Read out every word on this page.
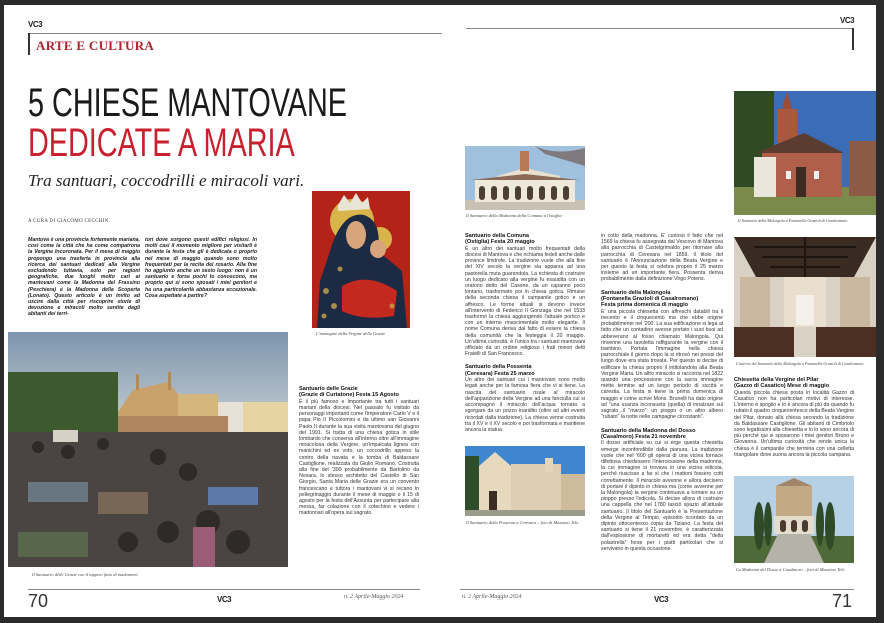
VC3
ARTE E CULTURA
5 CHIESE MANTOVANE
DEDICATE A MARIA
Tra santuari, coccodrilli e miracoli vari.
A CURA DI GIACOMO CECCHIN
Mantova è una provincia fortemente mariana, così come la città che ha come compatrona la Vergine Incoronata. Per il mese di maggio propongo una trasferta in provincia alla ricerca dei santuari dedicati alla Vergine escludendo tuttavia, solo per ragioni geografiche, due luoghi molto cari ai mantovani come la Madonna del Frassino (Peschiera) e la Madonna della Scoperta (Lonato). Questo articolo è un invito ad uscire dalla città per riscoprire storie di devozione e miracoli molto sentite dagli abitanti dei terri-
tori dove sorgono questi edifici religiosi. In molti casi il momento migliore per visitarli è durante la festa che gli è dedicata o proprio nel mese di maggio quando sono molto frequentati per la recita del rosario. Alla fine ho aggiunto anche un sesto luogo: non è un santuario e forse pochi lo conoscono, ma proprio qui si sono sposati i miei genitori e ha una particolarità abbastanza eccezionale. Cosa aspettate a partire?
L'immagine della Vergine delle Grazie
Il Santuario delle Grazie con il tappeto fatto di madonnari
Santuario delle Grazie
(Grazie di Curtatone) Festa 15 Agosto

È il più famoso e importante tra tutti i santuari mariani della diocesi. Nel passato fu visitato da personaggi importanti come l'imperatore Carlo V e il papa Pio II Piccolomini e da ultimo san Giovanni Paolo II durante la sua visita mantovana del giugno del 1991. Si tratta di una chiesa gotica in stile lombardo che conserva all'interno oltre all'immagine miracolosa della Vergine, un'impalcata lignea con manichini ed ex voto, un coccodrillo appeso la centro della navata e la tomba di Baldassare Castiglione, realizzata da Giulio Romano. Costruita alla fine del '300 probabilmente da Bartolino da Novara, lo stesso architetto del Castello di San Giorgio, Santa Maria delle Grazie era un convento francescano e tuttora i mantovani vi si recano in pellegrinaggio durante il mese di maggio o il 15 di agosto per la festa dell'Assunta per partecipare alla messa, far colazione con il cotechino e vedere i madonnari all'opera sul sagrato.

70	VC3	n. 2 Aprile-Maggio 2024
VC3
Il Santuario della Madonna della Comuna a Ostiglia
Santuario della Comuna
(Ostiglia) Festa 20 maggio

È un altro dei santuari molto frequentati della diocesi di Mantova e che richiama fedeli anche dalle province limitrofe. La tradizione vuole che alla fine del XIV secolo la vergine sia apparsa ad una pastorella muta guarendola. La richiesta di costruire un luogo dedicato alla vergine fu esaudita con un oratorio detto del Casone, da un capanno poco lontano, trasformato poi in chiesa gotica. Rimane della seconda chiesa il campanile gotico e un affresco. Le forme attuali si devono invece all'intervento di Federico II Gonzaga che nel 1533 trasformò la chiesa aggiungendo l'attuale portico e con un interno rinascimentale molto elegante. Il nome Comuna deriva dal fatto di essere la chiesa della comunità che la festeggia il 20 maggio. Un'ultima curiosità: è l'unico tra i santuari mantovani officiato da un ordine religioso i frati minori detti Fratelli di San Francesco.

Santuario della Possenta
(Ceresara) Festa 25 marzo

Un altro dei santuari cui i mantovani sono molto legati anche per la famosa fiera che vi si tiene. La nascita del santuario risale al miracolo dell'apparizione della Vergine ad una fanciulla cui si accompagnò il miracolo dell'acqua tornata a sgorgare da un pozzo inaridito (oltre ad altri eventi ricordati dalla tradizione). La chiesa venne costruita tra il XV e il XV secolo e poi trasformata e mantiene ancora la statua

Il Santuario della Possenta a Ceresara – foto di Massimo Telò

in cotto della madonna. E' curioso il fatto che nel 1569 la chiesa fu assegnata dal Vescovo di Mantova alla parrocchia di Castelgrimaldo per ritornare alla parrocchia di Ceresara nel 1859. Il titolo del santuario è l'Annunciazione della Beata Vergine e per questo la festa si celebra proprio il 25 marzo insieme ad un importante fiera. Possenta deriva probabilmente dalla definizione Virgo Potens.

Santuario della Malongola
(Fontanella Grazioli di Casalromano)
Festa prima domenica di maggio

E' una piccola chiesetta con affreschi databili tra il trecento e il cinquecento ma che ebbe origine probabilmente nel '200. La sua edificazione si lega al fatto che un contadino avesse portato i suoi buoi ad abbeverarsi al fosso chiamato Malongola. Qui rinvenne una tavoletta raffigurante la vergine con il bambino. Portata l'immagine nella chiesa parrocchiale il giorno dopo la si ritrovò nei pressi del luogo dove era stata trovata. Per questo si decise di edificare la chiesa proprio il intitolandola alla Beata Vergine Maria. Un altro miracolo si racconta nel 1822 quando una processione con la sacra immagine mette termine ad un lungo periodo di siccità e carestia. La festa si tiene la prima domenica di maggio e come scrive Mons. Brunelli ha dato origine ad "una usanza inconsueta (quella) di innalzare sul sagrato...il "marzo": un pioppo o un altro albero "rubato" la notte nelle campagne circostanti".

Santuario della Madonna del Dosso
(Casalmoro) Festa 21 novembre

Il dosso artificiale su cui si erge questa chiesetta emerge inconfondibile dalla pianura. La tradizione vuole che nel '600 gli operai di una vicina fornace difettosa chiedessero l'intercessione della madonna, la cui immagine si trovava in una vicina edicola, perché riuscisse a far sì che i mattoni fossero cotti correttamente. Il miracolo avvenne e allora decisero di portare il dipinto in chiesa ma (come avvenne per la Malongola) la vergine continuava a tornare su un pioppo presso l'edicola. Si decise allora di costruire una cappella che nel 1780 lasciò spazio all'attuale santuario. Il titolo del Santuario è la Presentazione della Vergine al Tempio, episodio ricordato da un dipinto ottocentesco copia da Tiziano. La festa del santuario si tiene il 21 novembre, è caratterizzata dall'esplosione di mortaretti ed era detta "della polastrella" forse per i piatti particolari che si servivano in questa occasione.

Il Santuario della Malongola a Fontanella Grazioli di Casalromano
L'interno del Santuario della Malongola a Fontanella Grazioli di Casalromano
Chiesetta della Vergine del Pilar
(Gazzo di Casatico) Mese di maggio

Questa piccola chiesa posta in località Gazzo di Casatico non ha particolari motivi di interesse. L'interno è spoglio e lo è ancora di più da quando fu rubato il quadro cinquecentesco della Beata Vergine del Pilar, donato alla chiesa secondo la tradizione da Baldassare Castiglione. Gli abitanti di Cimbriolo sono legatissimi alla chiesetta e lo lo sono ancora di più perché qui si sposarono i miei genitori Bruno e Giovanna. Un'ultima curiosità che rende unica la chiesa è il campanile che termina con una celletta triangolare dove suona ancora la piccola campana.

La Madonna del Dosso a Casalmoro – foto di Massimo Telò
n. 2 Aprile-Maggio 2024	VC3	71
